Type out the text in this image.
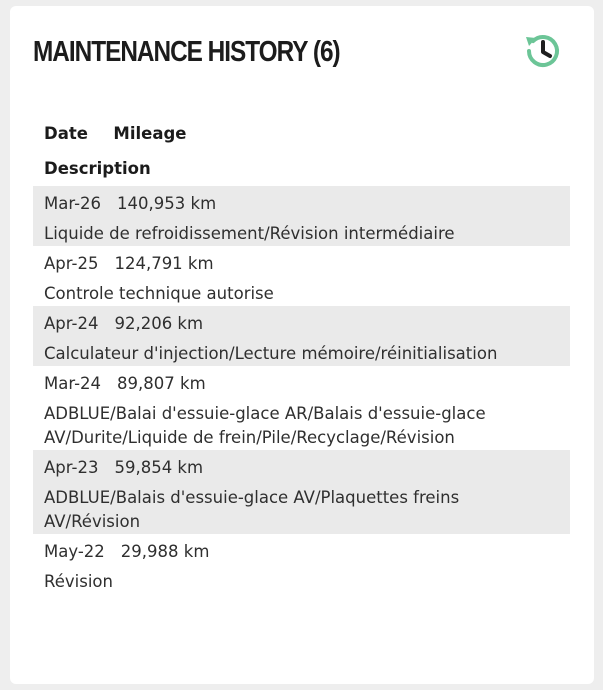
MAINTENANCE HISTORY (6)
Date Mileage
Description
Mar-26 140,953 km
Liquide de refroidissement/Révision intermédiaire
Apr-25 124,791 km
Controle technique autorise
Apr-24 92,206 km
Calculateur d'injection/Lecture mémoire/réinitialisation
Mar-24 89,807 km
ADBLUE/Balai d'essuie-glace AR/Balais d'essuie-glace AV/Durite/Liquide de frein/Pile/Recyclage/Révision
Apr-23 59,854 km
ADBLUE/Balais d'essuie-glace AV/Plaquettes freins AV/Révision
May-22 29,988 km
Révision
